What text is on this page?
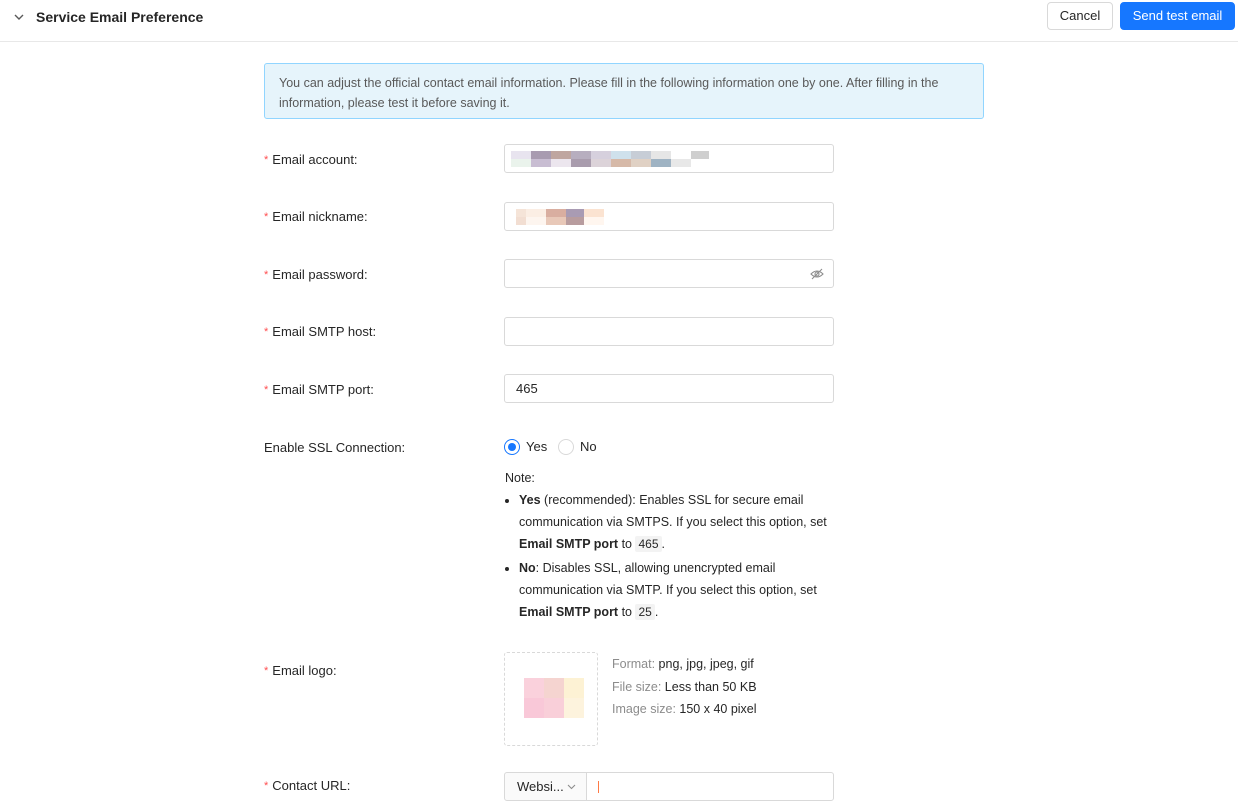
Service Email Preference	Cancel	Send test email
You can adjust the official contact email information. Please fill in the following information one by one. After filling in the information, please test it before saving it.
* Email account:
* Email nickname:
* Email password:
* Email SMTP host:
* Email SMTP port:	465
Enable SSL Connection:	Yes	No
Note:
• Yes (recommended): Enables SSL for secure email communication via SMTPS. If you select this option, set Email SMTP port to 465 .
• No: Disables SSL, allowing unencrypted email communication via SMTP. If you select this option, set Email SMTP port to 25 .
* Email logo:	Format: png, jpg, jpeg, gif
File size: Less than 50 KB
Image size: 150 x 40 pixel
* Contact URL:	Websi...
